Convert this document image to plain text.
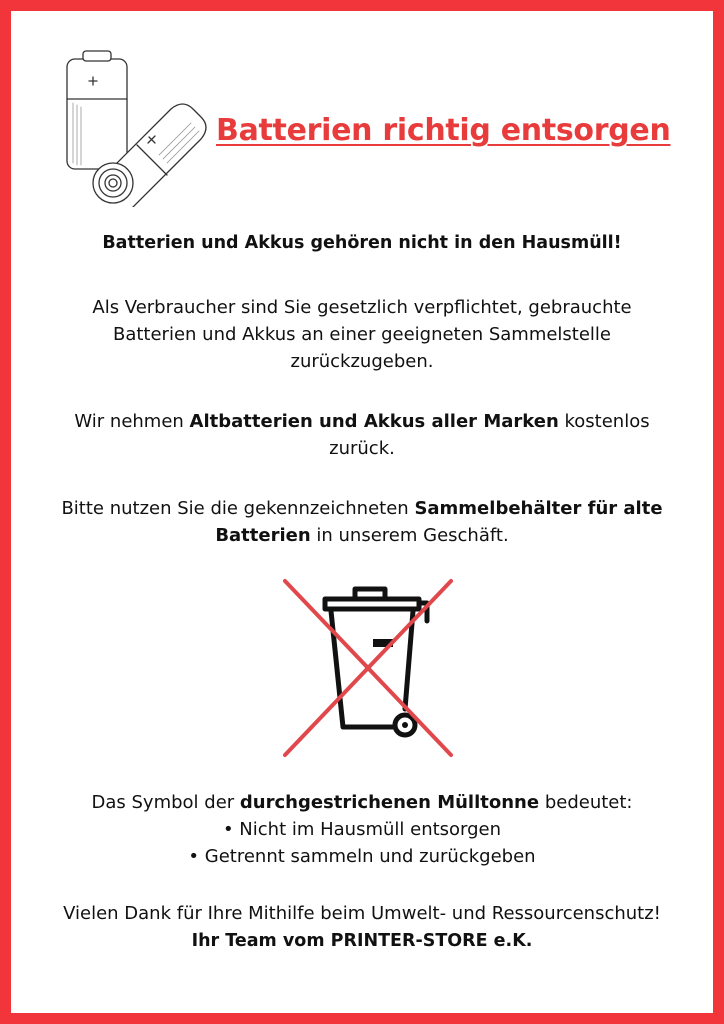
Batterien richtig entsorgen
Batterien und Akkus gehören nicht in den Hausmüll!
Als Verbraucher sind Sie gesetzlich verpflichtet, gebrauchte
Batterien und Akkus an einer geeigneten Sammelstelle
zurückzugeben.
Wir nehmen Altbatterien und Akkus aller Marken kostenlos
zurück.
Bitte nutzen Sie die gekennzeichneten Sammelbehälter für alte
Batterien in unserem Geschäft.
Das Symbol der durchgestrichenen Mülltonne bedeutet:
• Nicht im Hausmüll entsorgen
• Getrennt sammeln und zurückgeben
Vielen Dank für Ihre Mithilfe beim Umwelt- und Ressourcenschutz!
Ihr Team vom PRINTER-STORE e.K.
